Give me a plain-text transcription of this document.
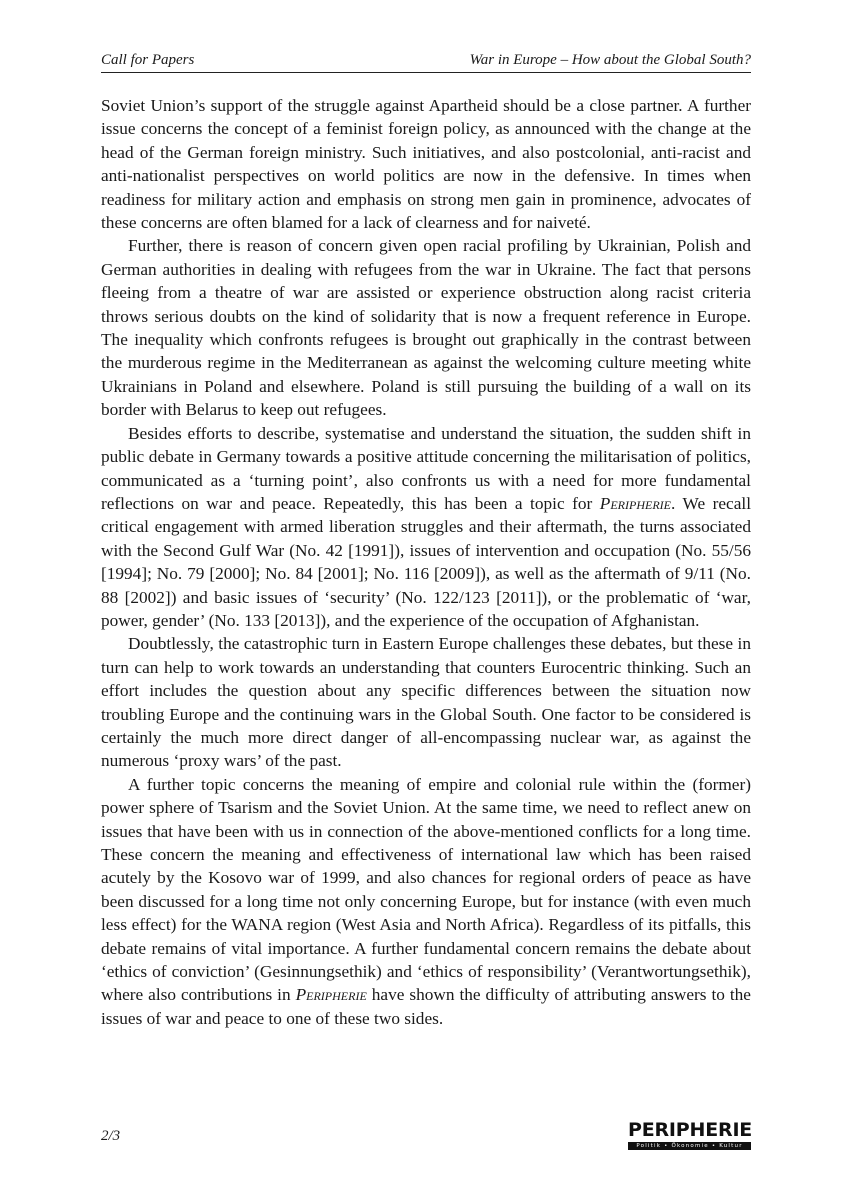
Call for Papers	War in Europe – How about the Global South?

Soviet Union’s support of the struggle against Apartheid should be a close partner. A further issue concerns the concept of a feminist foreign policy, as announced with the change at the head of the German foreign ministry. Such initiatives, and also postcolonial, anti-racist and anti-nationalist perspectives on world politics are now in the defensive. In times when readiness for military action and emphasis on strong men gain in prominence, advocates of these concerns are often blamed for a lack of clearness and for naiveté.

Further, there is reason of concern given open racial profiling by Ukrainian, Polish and German authorities in dealing with refugees from the war in Ukraine. The fact that persons fleeing from a theatre of war are assisted or experience obstruction along racist criteria throws serious doubts on the kind of solidarity that is now a frequent reference in Europe. The inequality which confronts refugees is brought out graphically in the contrast between the murderous regime in the Mediterranean as against the welcoming culture meeting white Ukrainians in Poland and elsewhere. Poland is still pursuing the building of a wall on its border with Belarus to keep out refugees.

Besides efforts to describe, systematise and understand the situation, the sudden shift in public debate in Germany towards a positive attitude concerning the militarisation of politics, communicated as a ‘turning point’, also confronts us with a need for more fundamental reflections on war and peace. Repeatedly, this has been a topic for Peripherie. We recall critical engagement with armed liberation struggles and their aftermath, the turns associated with the Second Gulf War (No. 42 [1991]), issues of intervention and occupation (No. 55/56 [1994]; No. 79 [2000]; No. 84 [2001]; No. 116 [2009]), as well as the aftermath of 9/11 (No. 88 [2002]) and basic issues of ‘security’ (No. 122/123 [2011]), or the problematic of ‘war, power, gender’ (No. 133 [2013]), and the experience of the occupation of Afghanistan.

Doubtlessly, the catastrophic turn in Eastern Europe challenges these debates, but these in turn can help to work towards an understanding that counters Eurocentric thinking. Such an effort includes the question about any specific differences between the situation now troubling Europe and the continuing wars in the Global South. One factor to be considered is certainly the much more direct danger of all-encompassing nuclear war, as against the numerous ‘proxy wars’ of the past.

A further topic concerns the meaning of empire and colonial rule within the (former) power sphere of Tsarism and the Soviet Union. At the same time, we need to reflect anew on issues that have been with us in connection of the above-mentioned conflicts for a long time. These concern the meaning and effectiveness of international law which has been raised acutely by the Kosovo war of 1999, and also chances for regional orders of peace as have been discussed for a long time not only concerning Europe, but for instance (with even much less effect) for the WANA region (West Asia and North Africa). Regardless of its pitfalls, this debate remains of vital importance. A further fundamental concern remains the debate about ‘ethics of conviction’ (Gesinnungsethik) and ‘ethics of responsibility’ (Verantwortungsethik), where also contributions in Peripherie have shown the difficulty of attributing answers to the issues of war and peace to one of these two sides.

2/3	PERIPHERIE
Politik • Ökonomie • Kultur
